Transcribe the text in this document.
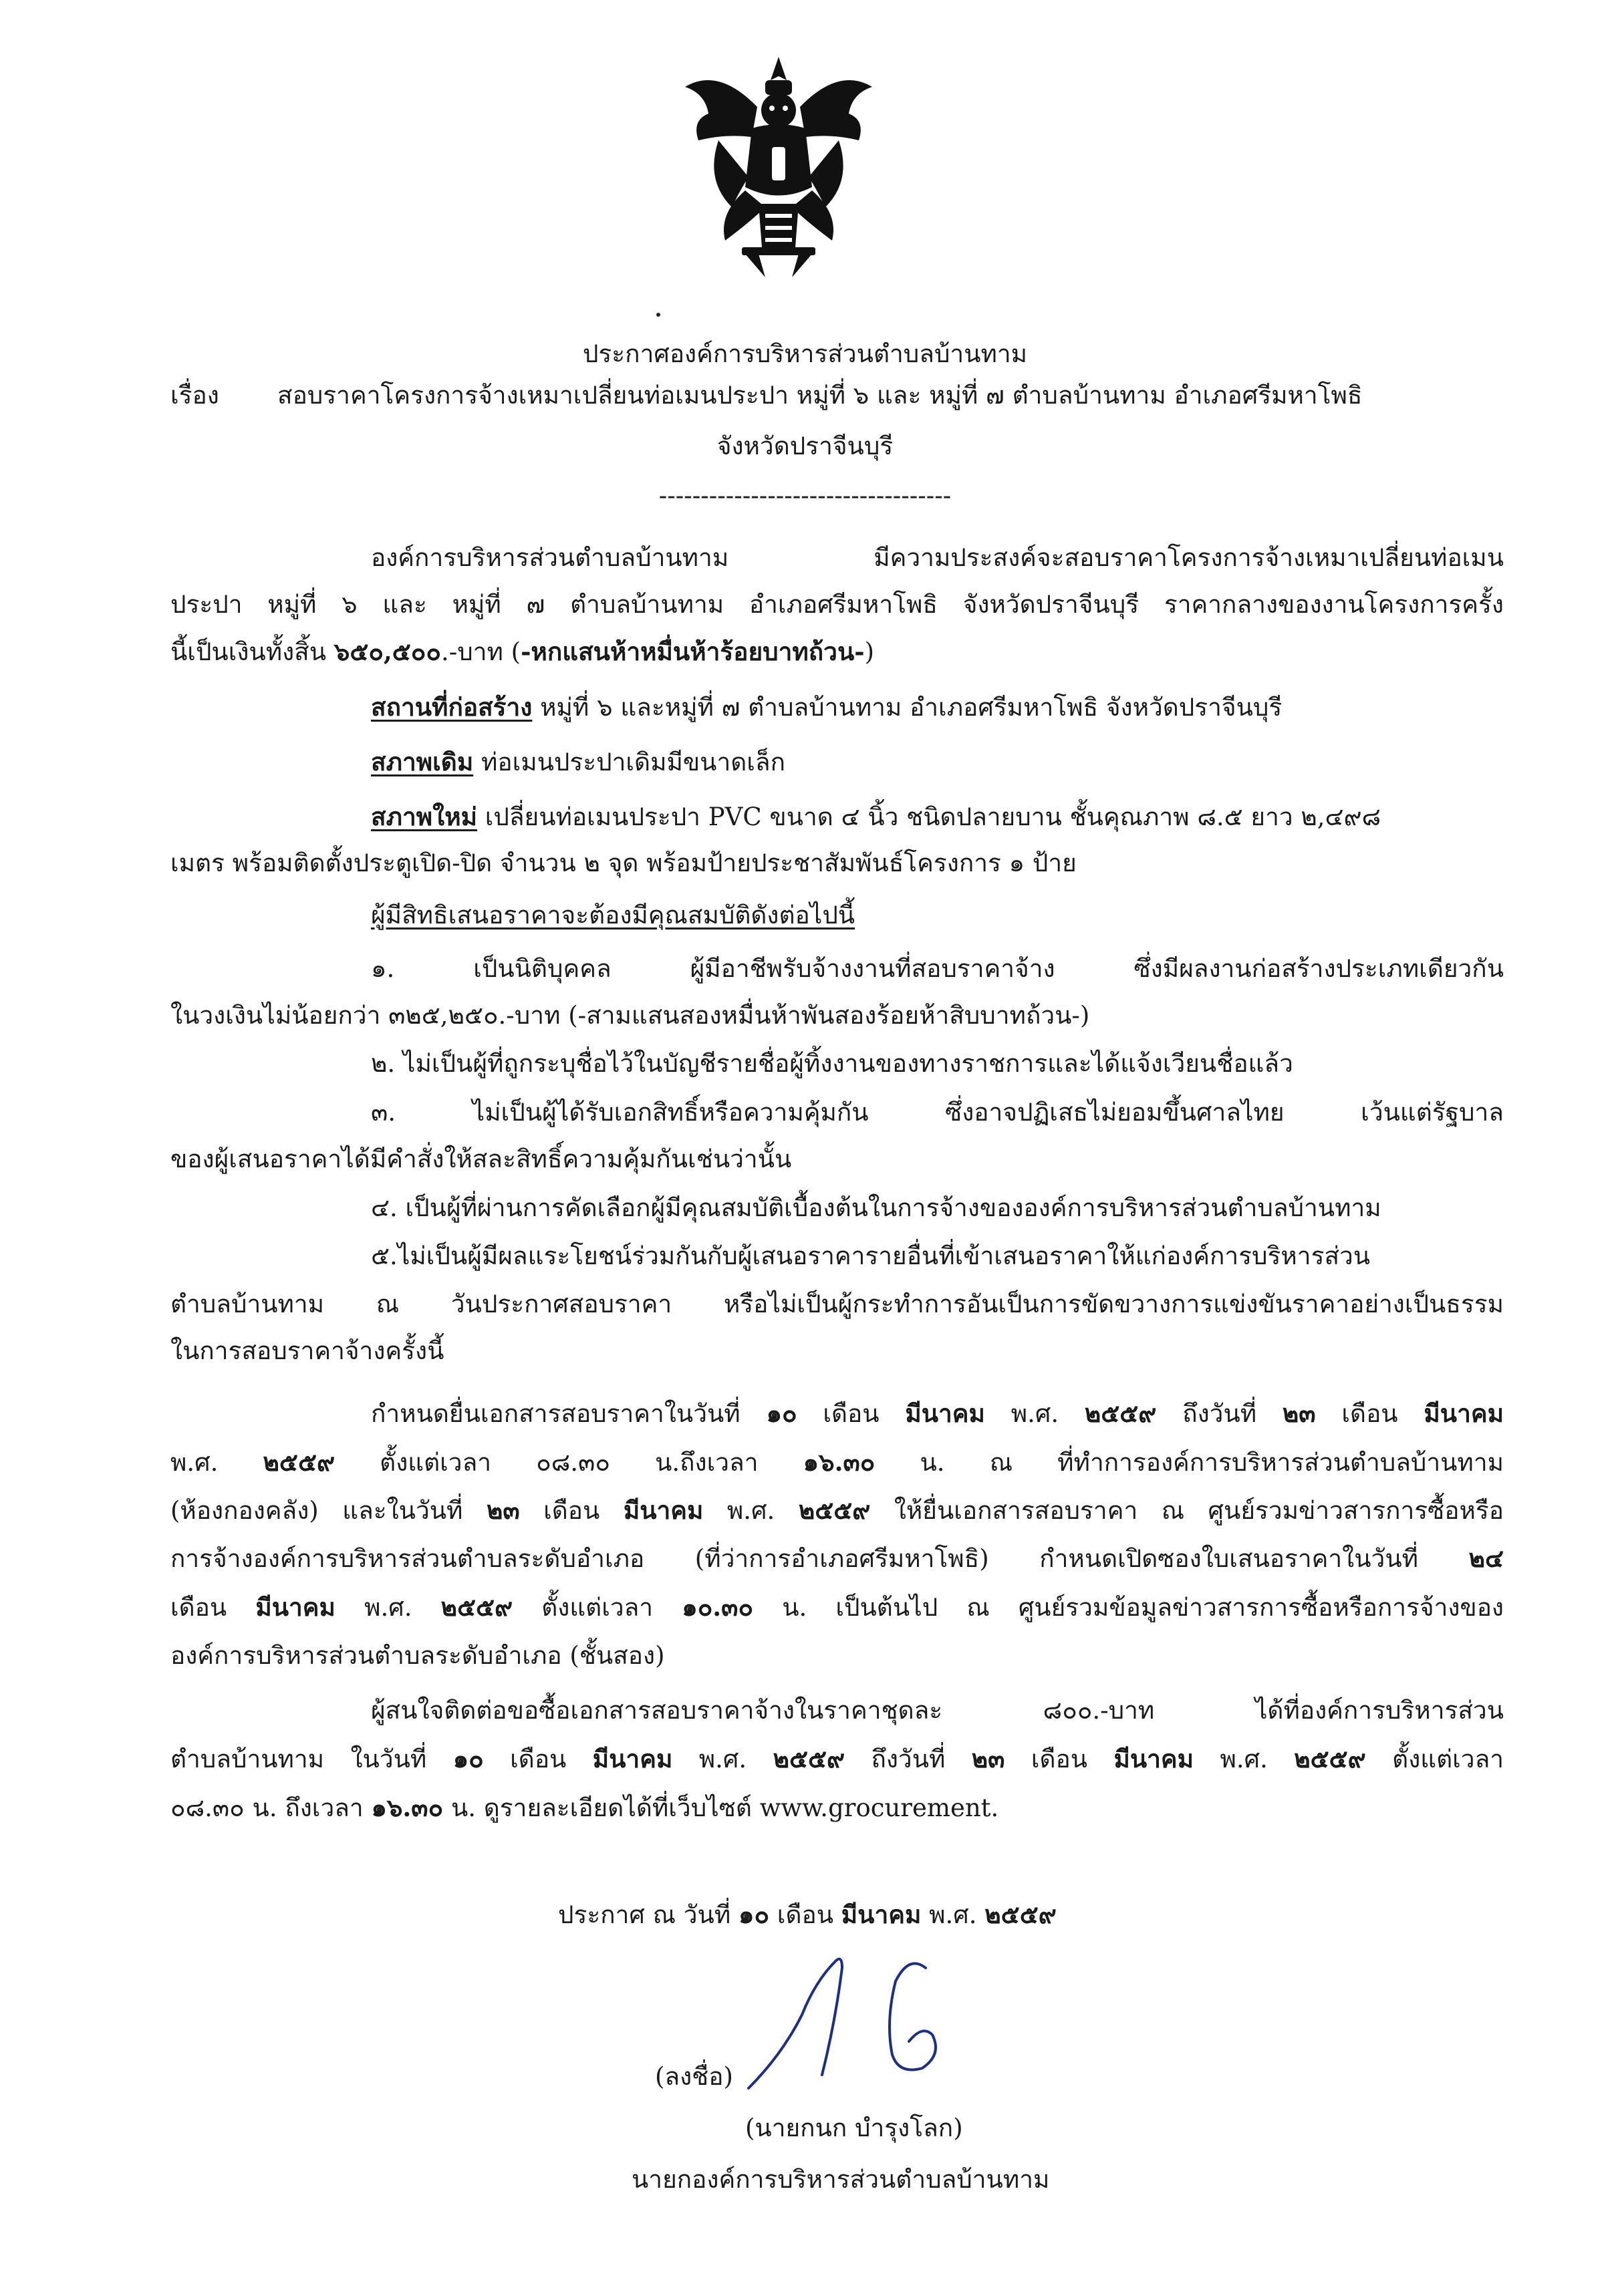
ประกาศองค์การบริหารส่วนตำบลบ้านทาม
เรื่อง สอบราคาโครงการจ้างเหมาเปลี่ยนท่อเมนประปา หมู่ที่ ๖ และ หมู่ที่ ๗ ตำบลบ้านทาม อำเภอศรีมหาโพธิ
จังหวัดปราจีนบุรี
-----------------------------------
องค์การบริหารส่วนตำบลบ้านทาม มีความประสงค์จะสอบราคาโครงการจ้างเหมาเปลี่ยนท่อเมน
ประปา หมู่ที่ ๖ และ หมู่ที่ ๗ ตำบลบ้านทาม อำเภอศรีมหาโพธิ จังหวัดปราจีนบุรี ราคากลางของงานโครงการครั้ง
นี้เป็นเงินทั้งสิ้น ๖๕๐,๕๐๐.-บาท (-หกแสนห้าหมื่นห้าร้อยบาทถ้วน-)
สถานที่ก่อสร้าง หมู่ที่ ๖ และหมู่ที่ ๗ ตำบลบ้านทาม อำเภอศรีมหาโพธิ จังหวัดปราจีนบุรี
สภาพเดิม ท่อเมนประปาเดิมมีขนาดเล็ก
สภาพใหม่ เปลี่ยนท่อเมนประปา PVC ขนาด ๔ นิ้ว ชนิดปลายบาน ชั้นคุณภาพ ๘.๕ ยาว ๒,๔๙๘
เมตร พร้อมติดตั้งประตูเปิด-ปิด จำนวน ๒ จุด พร้อมป้ายประชาสัมพันธ์โครงการ ๑ ป้าย
ผู้มีสิทธิเสนอราคาจะต้องมีคุณสมบัติดังต่อไปนี้
๑. เป็นนิติบุคคล ผู้มีอาชีพรับจ้างงานที่สอบราคาจ้าง ซึ่งมีผลงานก่อสร้างประเภทเดียวกัน
ในวงเงินไม่น้อยกว่า ๓๒๕,๒๕๐.-บาท (-สามแสนสองหมื่นห้าพันสองร้อยห้าสิบบาทถ้วน-)
๒. ไม่เป็นผู้ที่ถูกระบุชื่อไว้ในบัญชีรายชื่อผู้ทิ้งงานของทางราชการและได้แจ้งเวียนชื่อแล้ว
๓. ไม่เป็นผู้ได้รับเอกสิทธิ์หรือความคุ้มกัน ซึ่งอาจปฏิเสธไม่ยอมขึ้นศาลไทย เว้นแต่รัฐบาล
ของผู้เสนอราคาได้มีคำสั่งให้สละสิทธิ์ความคุ้มกันเช่นว่านั้น
๔. เป็นผู้ที่ผ่านการคัดเลือกผู้มีคุณสมบัติเบื้องต้นในการจ้างขององค์การบริหารส่วนตำบลบ้านทาม
๕.ไม่เป็นผู้มีผลแระโยชน์ร่วมกันกับผู้เสนอราคารายอื่นที่เข้าเสนอราคาให้แก่องค์การบริหารส่วน
ตำบลบ้านทาม ณ วันประกาศสอบราคา หรือไม่เป็นผู้กระทำการอันเป็นการขัดขวางการแข่งขันราคาอย่างเป็นธรรม
ในการสอบราคาจ้างครั้งนี้
กำหนดยื่นเอกสารสอบราคาในวันที่ ๑๐ เดือน มีนาคม พ.ศ. ๒๕๕๙ ถึงวันที่ ๒๓ เดือน มีนาคม
พ.ศ. ๒๕๕๙ ตั้งแต่เวลา ๐๘.๓๐ น.ถึงเวลา ๑๖.๓๐ น. ณ ที่ทำการองค์การบริหารส่วนตำบลบ้านทาม
(ห้องกองคลัง) และในวันที่ ๒๓ เดือน มีนาคม พ.ศ. ๒๕๕๙ ให้ยื่นเอกสารสอบราคา ณ ศูนย์รวมข่าวสารการซื้อหรือ
การจ้างองค์การบริหารส่วนตำบลระดับอำเภอ (ที่ว่าการอำเภอศรีมหาโพธิ) กำหนดเปิดซองใบเสนอราคาในวันที่ ๒๔
เดือน มีนาคม พ.ศ. ๒๕๕๙ ตั้งแต่เวลา ๑๐.๓๐ น. เป็นต้นไป ณ ศูนย์รวมข้อมูลข่าวสารการซื้อหรือการจ้างของ
องค์การบริหารส่วนตำบลระดับอำเภอ (ชั้นสอง)
ผู้สนใจติดต่อขอซื้อเอกสารสอบราคาจ้างในราคาชุดละ ๘๐๐.-บาท ได้ที่องค์การบริหารส่วน
ตำบลบ้านทาม ในวันที่ ๑๐ เดือน มีนาคม พ.ศ. ๒๕๕๙ ถึงวันที่ ๒๓ เดือน มีนาคม พ.ศ. ๒๕๕๙ ตั้งแต่เวลา
๐๘.๓๐ น. ถึงเวลา ๑๖.๓๐ น. ดูรายละเอียดได้ที่เว็บไซต์ www.grocurement.
ประกาศ ณ วันที่ ๑๐ เดือน มีนาคม พ.ศ. ๒๕๕๙
(ลงชื่อ)
(นายกนก บำรุงโลก)
นายกองค์การบริหารส่วนตำบลบ้านทาม
